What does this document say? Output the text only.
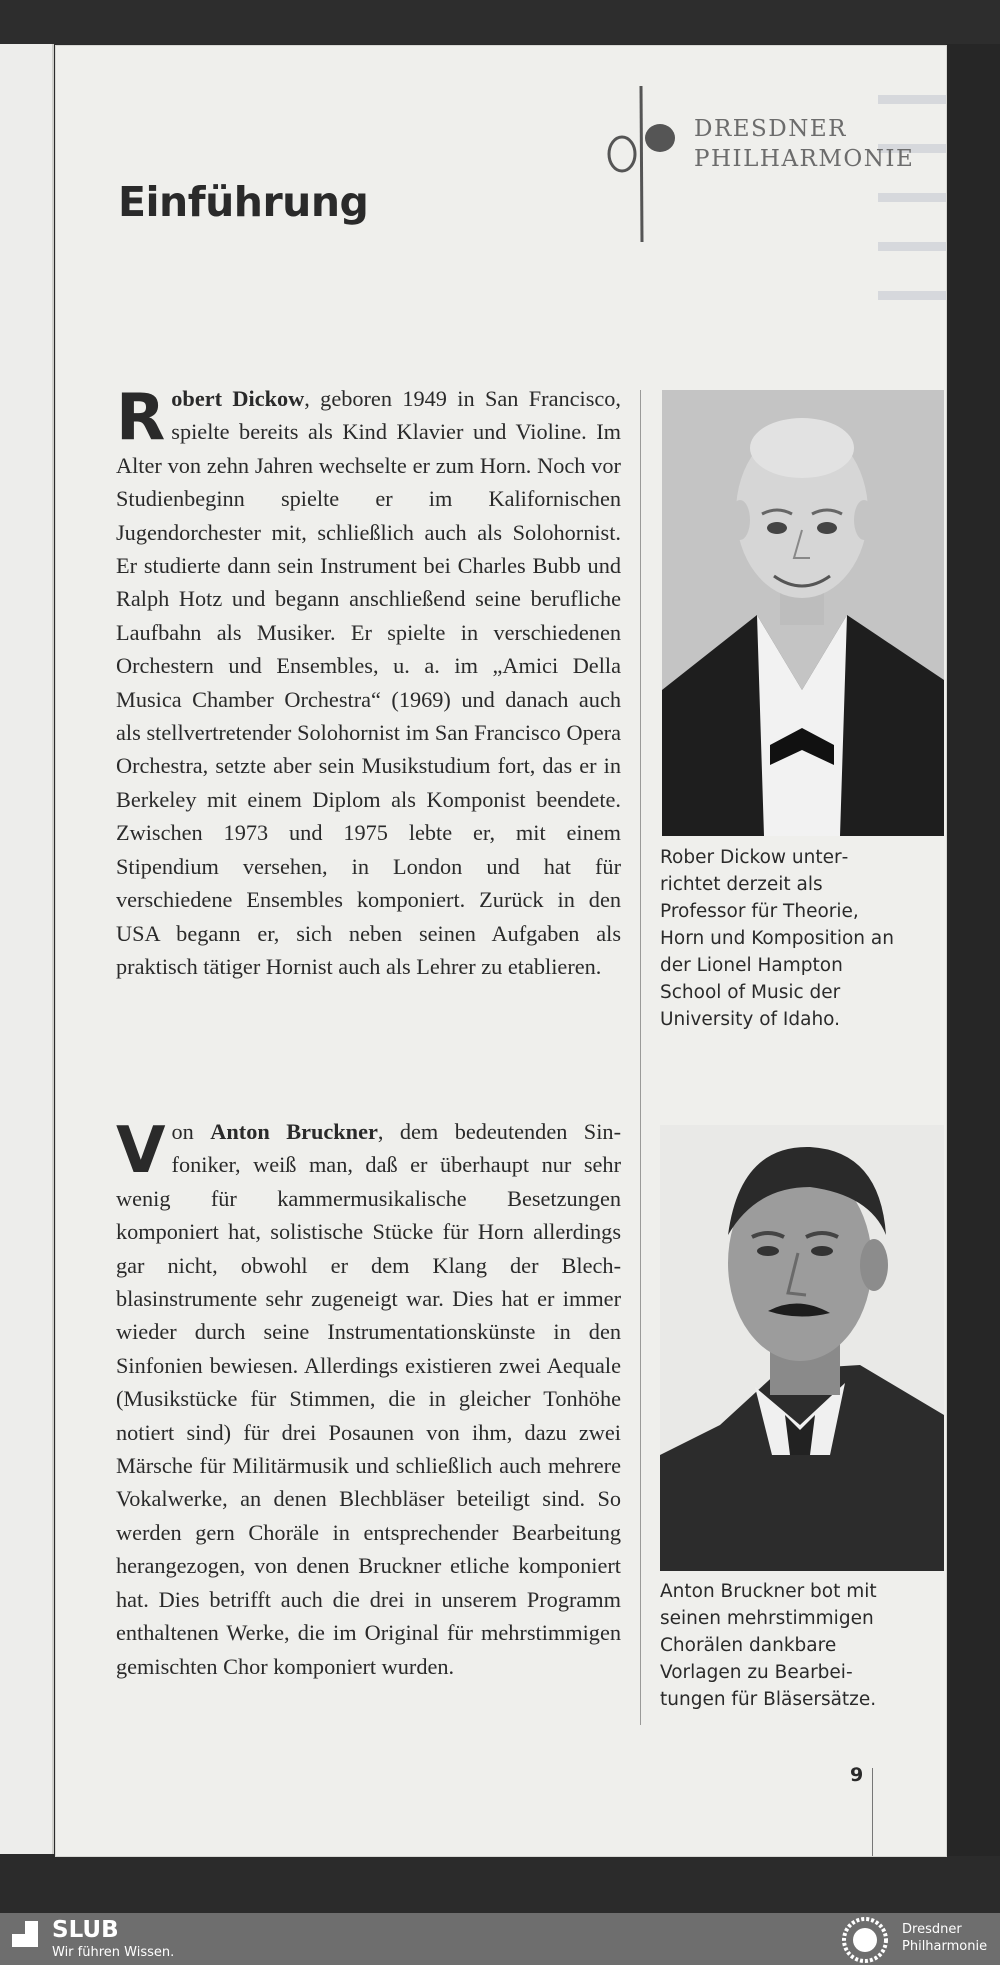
DRESDNER
PHILHARMONIE
Einführung

Robert Dickow, geboren 1949 in San Francisco, spielte bereits als Kind Klavier und Violine. Im Alter von zehn Jahren wechselte er zum Horn. Noch vor Studienbeginn spielte er im Kalifornischen Jugendorchester mit, schließlich auch als Solohornist. Er studierte dann sein Instrument bei Charles Bubb und Ralph Hotz und begann anschließend seine berufliche Laufbahn als Musiker. Er spielte in verschiedenen Orchestern und Ensembles, u. a. im „Amici Della Musica Chamber Orchestra“ (1969) und danach auch als stellvertretender Solohornist im San Francisco Opera Orchestra, setzte aber sein Musikstudium fort, das er in Berkeley mit einem Diplom als Komponist beendete. Zwischen 1973 und 1975 lebte er, mit einem Stipendium versehen, in London und hat für verschiedene Ensembles komponiert. Zurück in den USA begann er, sich neben seinen Aufgaben als praktisch tätiger Hornist auch als Lehrer zu etablieren.

Von Anton Bruckner, dem bedeutenden Sinfoniker, weiß man, daß er überhaupt nur sehr wenig für kammermusikalische Besetzungen komponiert hat, solistische Stücke für Horn allerdings gar nicht, obwohl er dem Klang der Blechblasinstrumente sehr zugeneigt war. Dies hat er immer wieder durch seine Instrumentationskünste in den Sinfonien bewiesen. Allerdings existieren zwei Aequale (Musikstücke für Stimmen, die in gleicher Tonhöhe notiert sind) für drei Posaunen von ihm, dazu zwei Märsche für Militärmusik und schließlich auch mehrere Vokalwerke, an denen Blechbläser beteiligt sind. So werden gern Choräle in entsprechender Bearbeitung herangezogen, von denen Bruckner etliche komponiert hat. Dies betrifft auch die drei in unserem Programm enthaltenen Werke, die im Original für mehrstimmigen gemischten Chor komponiert wurden.

Rober Dickow unterrichtet derzeit als Professor für Theorie, Horn und Komposition an der Lionel Hampton School of Music der University of Idaho.
Anton Bruckner bot mit seinen mehrstimmigen Chorälen dankbare Vorlagen zu Bearbeitungen für Bläsersätze.
9
SLUB
Wir führen Wissen.
Dresdner
Philharmonie
